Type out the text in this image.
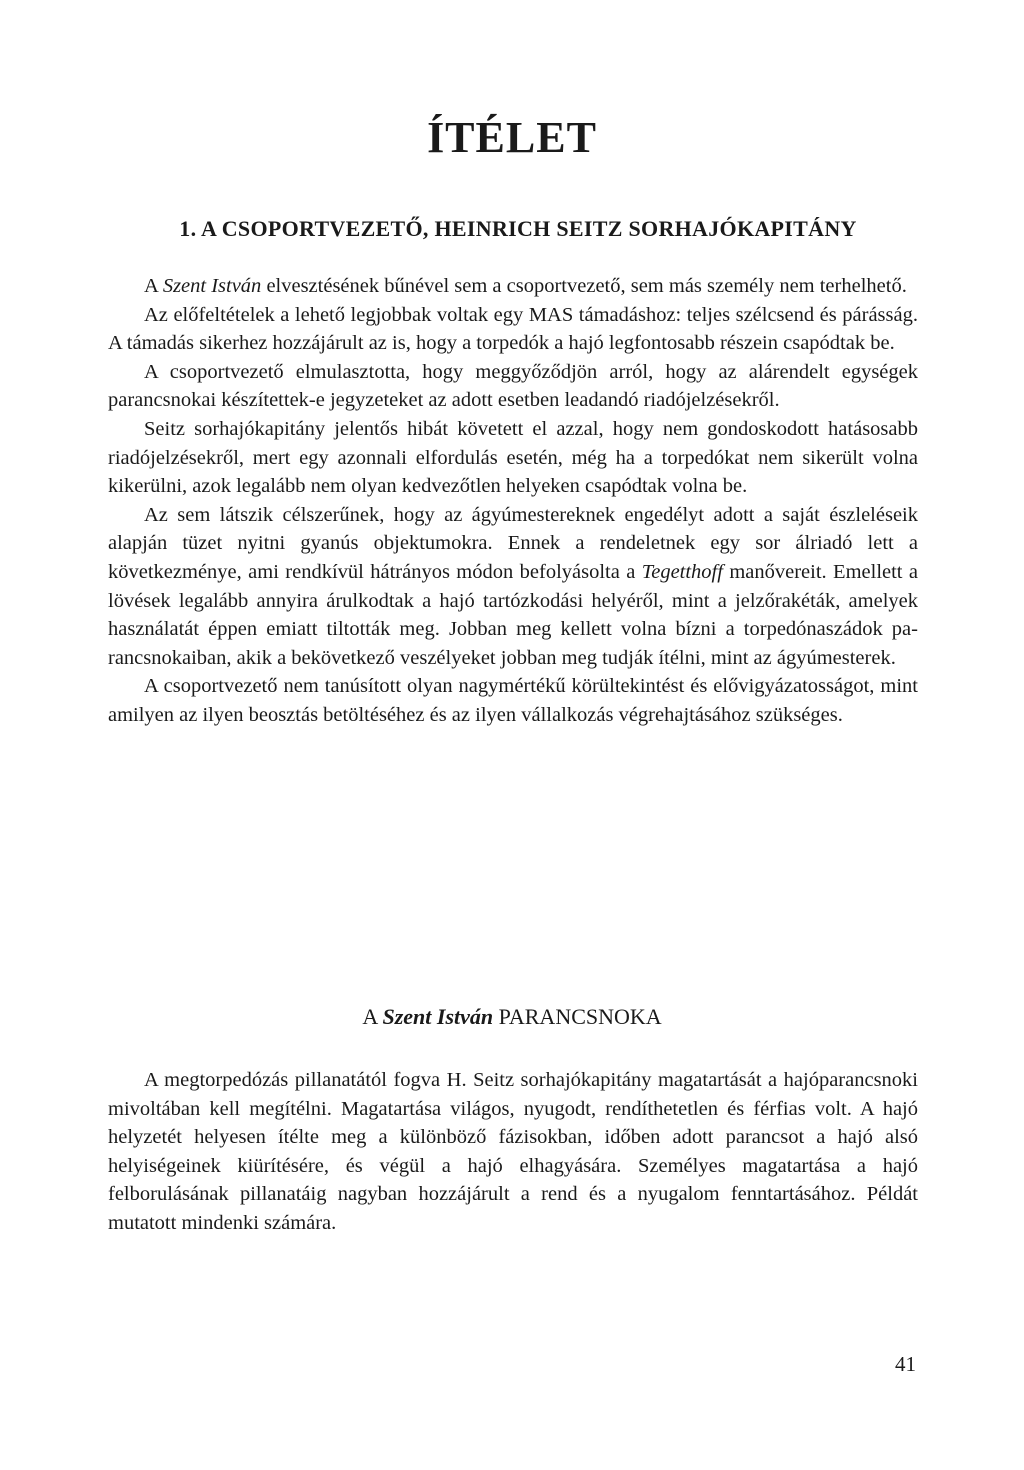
ÍTÉLET
1. A CSOPORTVEZETŐ, HEINRICH SEITZ SORHAJÓKAPITÁNY

A Szent István elvesztésének bűnével sem a csoportvezető, sem más személy nem terhelhető.

Az előfeltételek a lehető legjobbak voltak egy MAS támadáshoz: teljes szélcsend és párásság. A támadás sikerhez hozzájárult az is, hogy a torpedók a hajó legfontosabb részein csapódtak be.

A csoportvezető elmulasztotta, hogy meggyőződjön arról, hogy az alárendelt egységek parancsnokai készítettek-e jegyzeteket az adott esetben leadandó riadójelzésekről.

Seitz sorhajókapitány jelentős hibát követett el azzal, hogy nem gondoskodott hatásosabb riadójelzésekről, mert egy azonnali elfordulás esetén, még ha a torpedókat nem sikerült volna kikerülni, azok legalább nem olyan kedvezőtlen helyeken csapódtak volna be.

Az sem látszik célszerűnek, hogy az ágyúmestereknek engedélyt adott a saját észleléseik alapján tüzet nyitni gyanús objektumokra. Ennek a rendeletnek egy sor álriadó lett a következménye, ami rendkívül hátrányos módon befolyásolta a Tegetthoff manővereit. Emellett a lövések legalább annyira árulkodtak a hajó tartózkodási helyéről, mint a jelzőrakéták, amelyek használatát éppen emiatt tiltották meg. Jobban meg kellett volna bízni a torpedónaszádok parancsnokaiban, akik a bekövetkező veszélyeket jobban meg tudják ítélni, mint az ágyúmesterek.

A csoportvezető nem tanúsított olyan nagymértékű körültekintést és elővigyázatosságot, mint amilyen az ilyen beosztás betöltéséhez és az ilyen vállalkozás végrehajtásához szükséges.

A Szent István PARANCSNOKA

A megtorpedózás pillanatától fogva H. Seitz sorhajókapitány magatartását a hajóparancsnoki mivoltában kell megítélni. Magatartása világos, nyugodt, rendíthetetlen és férfias volt. A hajó helyzetét helyesen ítélte meg a különböző fázisokban, időben adott parancsot a hajó alsó helyiségeinek kiürítésére, és végül a hajó elhagyására. Személyes magatartása a hajó felborulásának pillanatáig nagyban hozzájárult a rend és a nyugalom fenntartásához. Példát mutatott mindenki számára.

41
